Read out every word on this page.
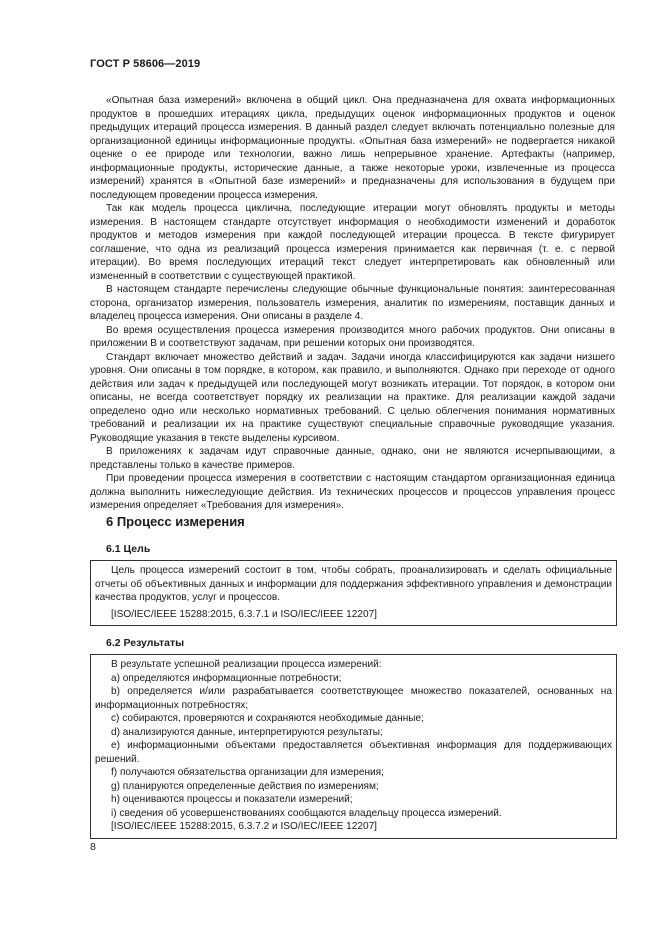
ГОСТ Р 58606—2019

«Опытная база измерений» включена в общий цикл. Она предназначена для охвата информационных продуктов в прошедших итерациях цикла, предыдущих оценок информационных продуктов и оценок предыдущих итераций процесса измерения. В данный раздел следует включать потенциально полезные для организационной единицы информационные продукты. «Опытная база измерений» не подвергается никакой оценке о ее природе или технологии, важно лишь непрерывное хранение. Артефакты (например, информационные продукты, исторические данные, а также некоторые уроки, извлеченные из процесса измерений) хранятся в «Опытной базе измерений» и предназначены для использования в будущем при последующем проведении процесса измерения.

Так как модель процесса циклична, последующие итерации могут обновлять продукты и методы измерения. В настоящем стандарте отсутствует информация о необходимости изменений и доработок продуктов и методов измерения при каждой последующей итерации процесса. В тексте фигурирует соглашение, что одна из реализаций процесса измерения принимается как первичная (т. е. с первой итерации). Во время последующих итераций текст следует интерпретировать как обновленный или измененный в соответствии с существующей практикой.

В настоящем стандарте перечислены следующие обычные функциональные понятия: заинтересованная сторона, организатор измерения, пользователь измерения, аналитик по измерениям, поставщик данных и владелец процесса измерения. Они описаны в разделе 4.

Во время осуществления процесса измерения производится много рабочих продуктов. Они описаны в приложении В и соответствуют задачам, при решении которых они производятся.

Стандарт включает множество действий и задач. Задачи иногда классифицируются как задачи низшего уровня. Они описаны в том порядке, в котором, как правило, и выполняются. Однако при переходе от одного действия или задач к предыдущей или последующей могут возникать итерации. Тот порядок, в котором они описаны, не всегда соответствует порядку их реализации на практике. Для реализации каждой задачи определено одно или несколько нормативных требований. С целью облегчения понимания нормативных требований и реализации их на практике существуют специальные справочные руководящие указания. Руководящие указания в тексте выделены курсивом.

В приложениях к задачам идут справочные данные, однако, они не являются исчерпывающими, а представлены только в качестве примеров.

При проведении процесса измерения в соответствии с настоящим стандартом организационная единица должна выполнить нижеследующие действия. Из технических процессов и процессов управления процесс измерения определяет «Требования для измерения».

6 Процесс измерения
6.1 Цель

Цель процесса измерений состоит в том, чтобы собрать, проанализировать и сделать официальные отчеты об объективных данных и информации для поддержания эффективного управления и демонстрации качества продуктов, услуг и процессов.

[ISO/IEC/IEEE 15288:2015, 6.3.7.1 и ISO/IEC/IEEE 12207]

6.2 Результаты

В результате успешной реализации процесса измерений:

a) определяются информационные потребности;

b) определяется и/или разрабатывается соответствующее множество показателей, основанных на информационных потребностях;

c) собираются, проверяются и сохраняются необходимые данные;

d) анализируются данные, интерпретируются результаты;

e) информационными объектами предоставляется объективная информация для поддерживающих решений.

f) получаются обязательства организации для измерения;

g) планируются определенные действия по измерениям;

h) оцениваются процессы и показатели измерений;

i) сведения об усовершенствованиях сообщаются владельцу процесса измерений.

[ISO/IEC/IEEE 15288:2015, 6.3.7.2 и ISO/IEC/IEEE 12207]

8
